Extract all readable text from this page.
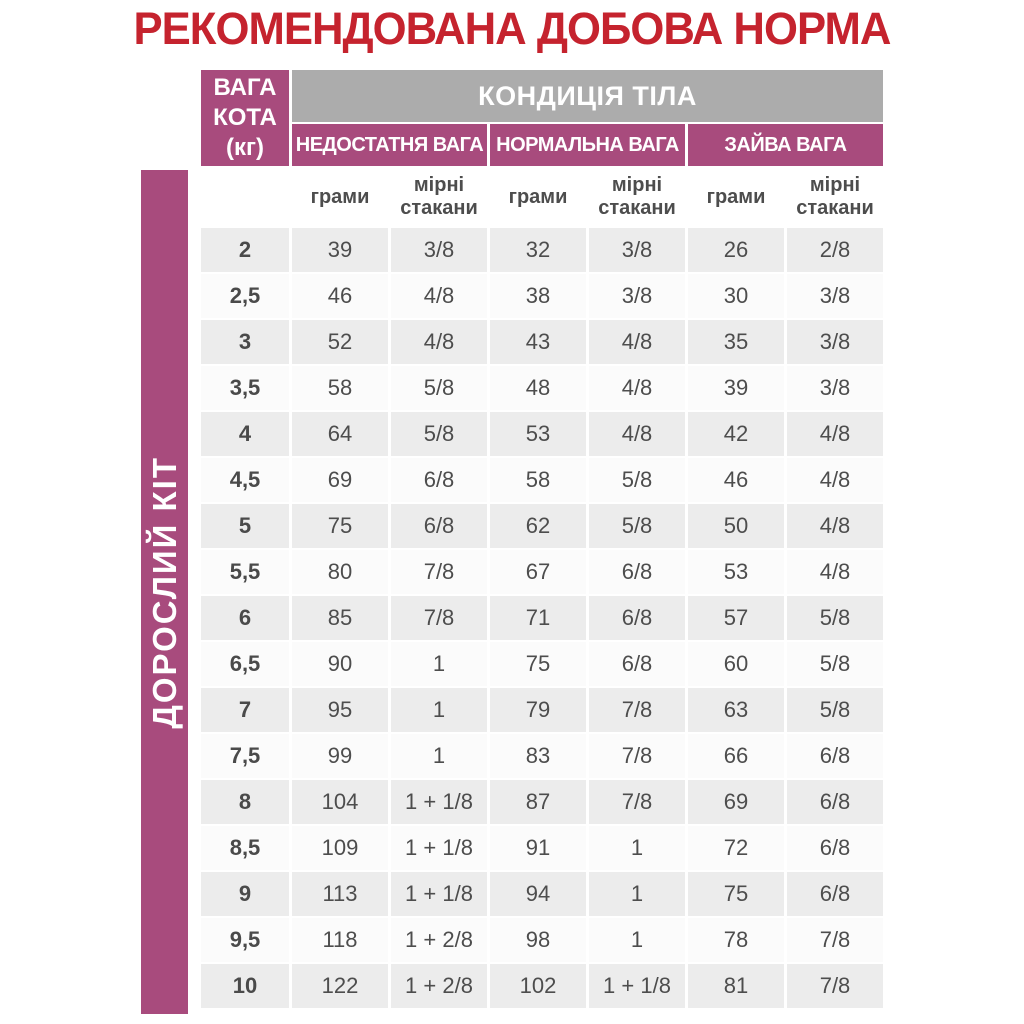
РЕКОМЕНДОВАНА ДОБОВА НОРМА
ДОРОСЛИЙ КІТ
ВАГА КОТА (кг)	КОНДИЦІЯ ТІЛА					
	НЕДОСТАТНЯ ВАГА		НОРМАЛЬНА ВАГА		ЗАЙВА ВАГА	
	грами	мірні стакани	грами	мірні стакани	грами	мірні стакани
2	39	3/8	32	3/8	26	2/8
2,5	46	4/8	38	3/8	30	3/8
3	52	4/8	43	4/8	35	3/8
3,5	58	5/8	48	4/8	39	3/8
4	64	5/8	53	4/8	42	4/8
4,5	69	6/8	58	5/8	46	4/8
5	75	6/8	62	5/8	50	4/8
5,5	80	7/8	67	6/8	53	4/8
6	85	7/8	71	6/8	57	5/8
6,5	90	1	75	6/8	60	5/8
7	95	1	79	7/8	63	5/8
7,5	99	1	83	7/8	66	6/8
8	104	1 + 1/8	87	7/8	69	6/8
8,5	109	1 + 1/8	91	1	72	6/8
9	113	1 + 1/8	94	1	75	6/8
9,5	118	1 + 2/8	98	1	78	7/8
10	122	1 + 2/8	102	1 + 1/8	81	7/8
